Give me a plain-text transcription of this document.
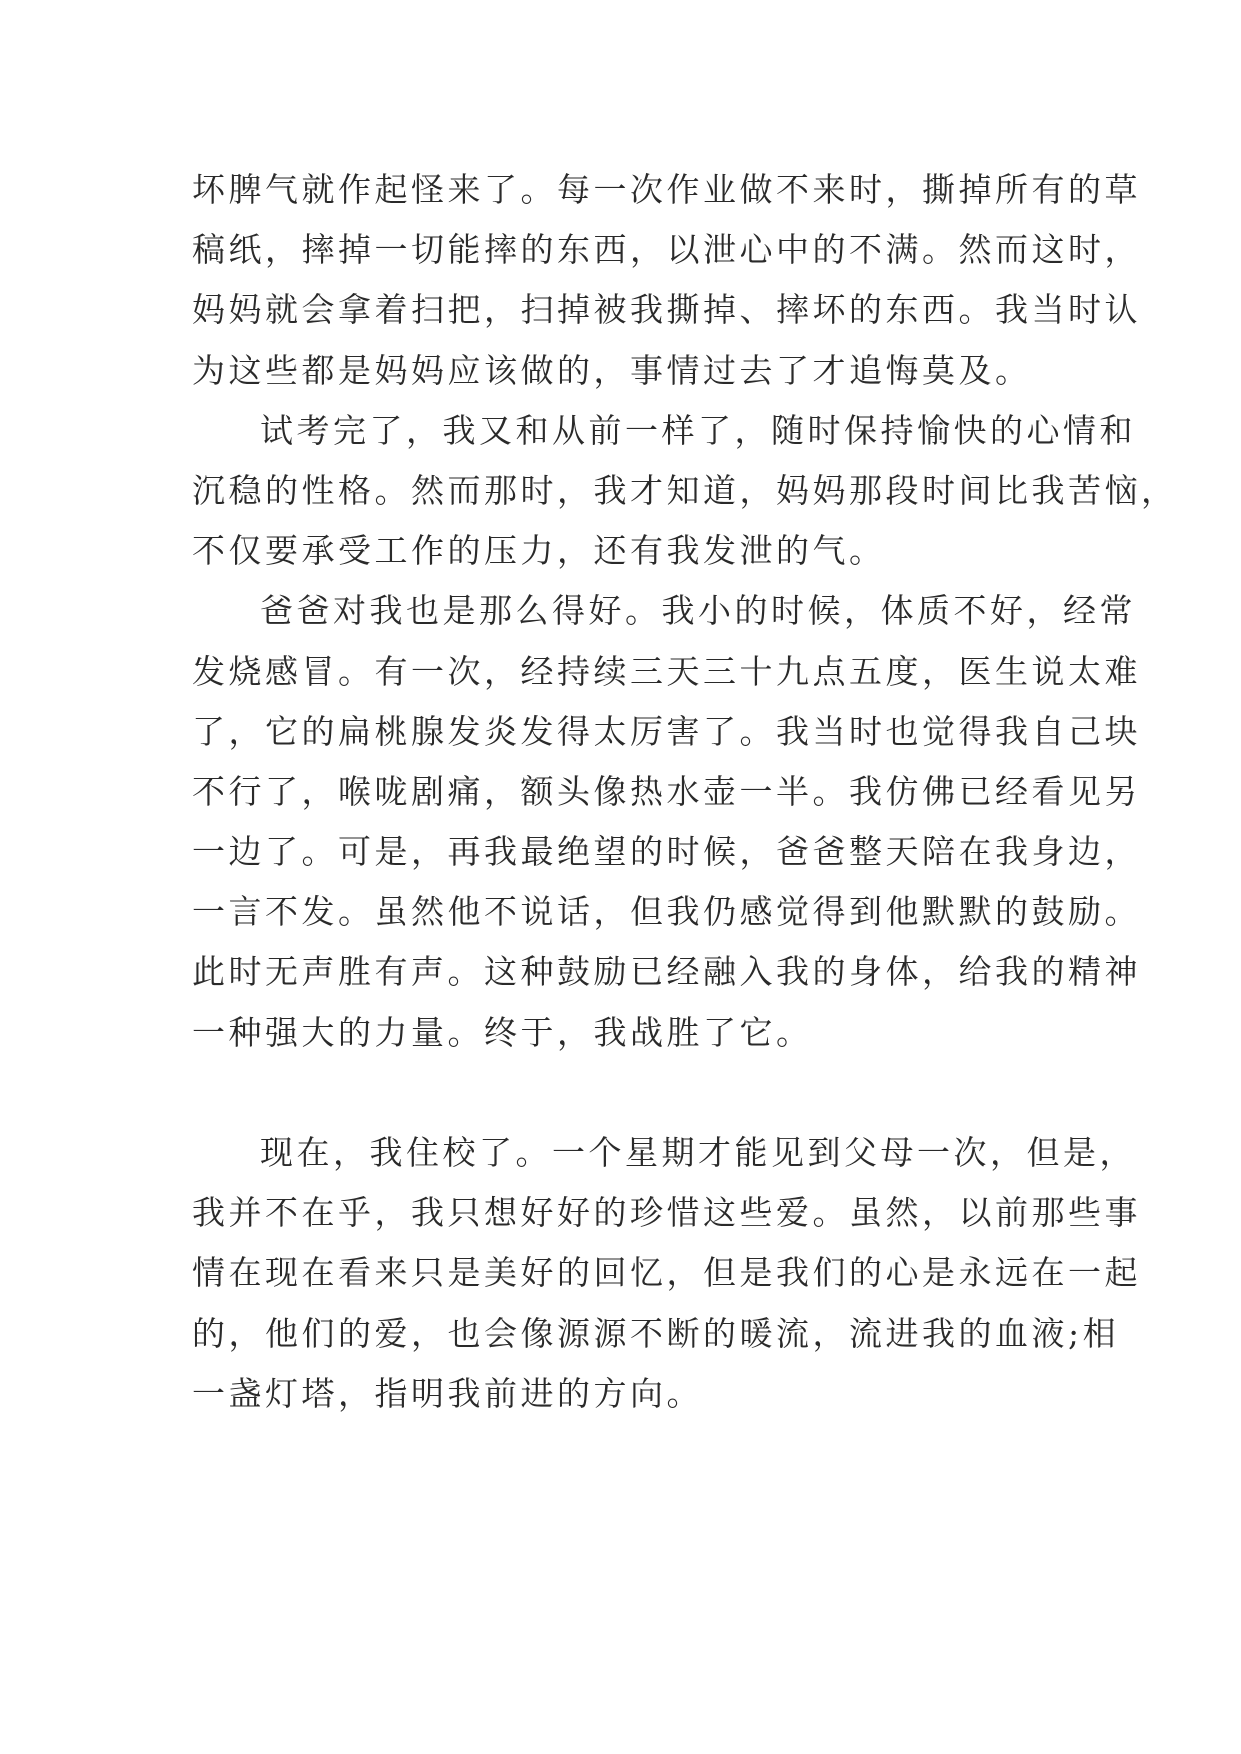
坏脾气就作起怪来了。每一次作业做不来时，撕掉所有的草
稿纸，摔掉一切能摔的东西，以泄心中的不满。然而这时，
妈妈就会拿着扫把，扫掉被我撕掉、摔坏的东西。我当时认
为这些都是妈妈应该做的，事情过去了才追悔莫及。
试考完了，我又和从前一样了，随时保持愉快的心情和
沉稳的性格。然而那时，我才知道，妈妈那段时间比我苦恼，
不仅要承受工作的压力，还有我发泄的气。
爸爸对我也是那么得好。我小的时候，体质不好，经常
发烧感冒。有一次，经持续三天三十九点五度，医生说太难
了，它的扁桃腺发炎发得太厉害了。我当时也觉得我自己块
不行了，喉咙剧痛，额头像热水壶一半。我仿佛已经看见另
一边了。可是，再我最绝望的时候，爸爸整天陪在我身边，
一言不发。虽然他不说话，但我仍感觉得到他默默的鼓励。
此时无声胜有声。这种鼓励已经融入我的身体，给我的精神
一种强大的力量。终于，我战胜了它。
现在，我住校了。一个星期才能见到父母一次，但是，
我并不在乎，我只想好好的珍惜这些爱。虽然，以前那些事
情在现在看来只是美好的回忆，但是我们的心是永远在一起
的，他们的爱，也会像源源不断的暖流，流进我的血液;相
一盏灯塔，指明我前进的方向。
